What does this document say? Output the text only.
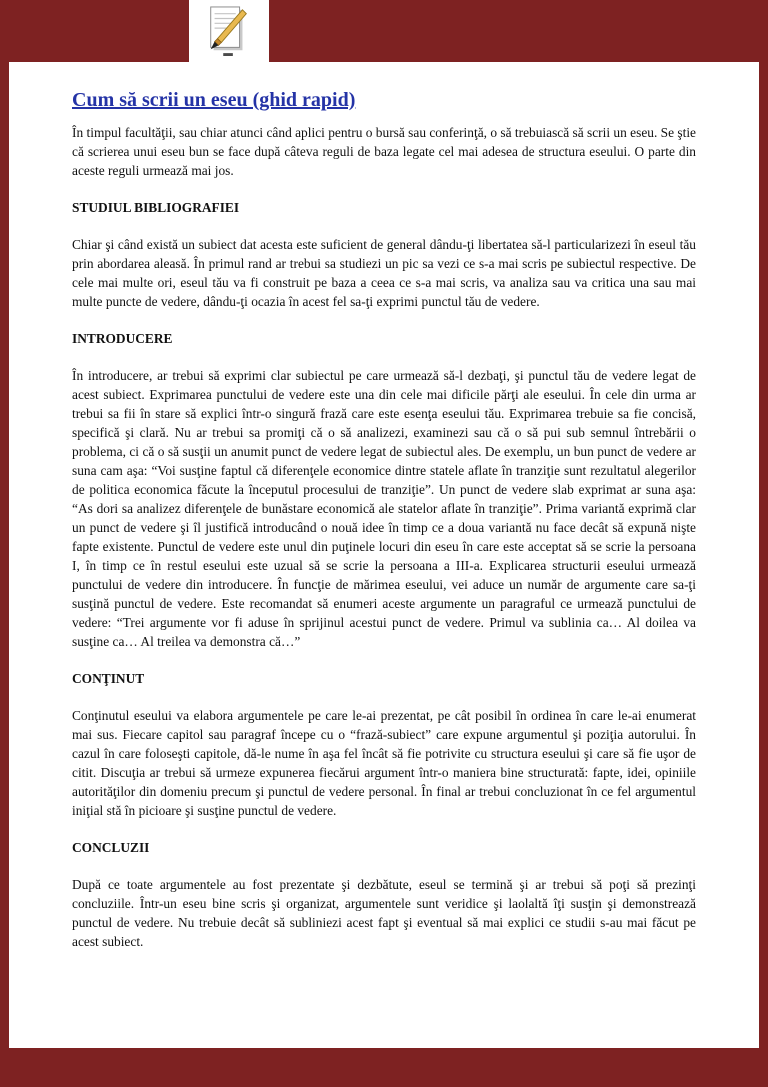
Cum să scrii un eseu (ghid rapid)

În timpul facultăţii, sau chiar atunci când aplici pentru o bursă sau conferinţă, o să trebuiască să scrii un eseu. Se ştie că scrierea unui eseu bun se face după câteva reguli de baza legate cel mai adesea de structura eseului. O parte din aceste reguli urmează mai jos.

STUDIUL BIBLIOGRAFIEI

Chiar şi când există un subiect dat acesta este suficient de general dându-ţi libertatea să-l particularizezi în eseul tău prin abordarea aleasă. În primul rand ar trebui sa studiezi un pic sa vezi ce s-a mai scris pe subiectul respective. De cele mai multe ori, eseul tău va fi construit pe baza a ceea ce s-a mai scris, va analiza sau va critica una sau mai multe puncte de vedere, dându-ţi ocazia în acest fel sa-ţi exprimi punctul tău de vedere.

INTRODUCERE

În introducere, ar trebui să exprimi clar subiectul pe care urmează să-l dezbaţi, şi punctul tău de vedere legat de acest subiect. Exprimarea punctului de vedere este una din cele mai dificile părţi ale eseului. În cele din urma ar trebui sa fii în stare să explici într-o singură frază care este esenţa eseului tău. Exprimarea trebuie sa fie concisă, specifică şi clară. Nu ar trebui sa promiţi că o să analizezi, examinezi sau că o să pui sub semnul întrebării o problema, ci că o să susţii un anumit punct de vedere legat de subiectul ales. De exemplu, un bun punct de vedere ar suna cam aşa: “Voi susţine faptul că diferenţele economice dintre statele aflate în tranziţie sunt rezultatul alegerilor de politica economica făcute la începutul procesului de tranziţie”. Un punct de vedere slab exprimat ar suna aşa: “As dori sa analizez diferenţele de bunăstare economică ale statelor aflate în tranziţie”. Prima variantă exprimă clar un punct de vedere şi îl justifică introducând o nouă idee în timp ce a doua variantă nu face decât să expună nişte fapte existente. Punctul de vedere este unul din puţinele locuri din eseu în care este acceptat să se scrie la persoana I, în timp ce în restul eseului este uzual să se scrie la persoana a III-a. Explicarea structurii eseului urmează punctului de vedere din introducere. În funcţie de mărimea eseului, vei aduce un număr de argumente care sa-ţi susţină punctul de vedere. Este recomandat să enumeri aceste argumente un paragraful ce urmează punctului de vedere: “Trei argumente vor fi aduse în sprijinul acestui punct de vedere. Primul va sublinia ca… Al doilea va susţine ca… Al treilea va demonstra că…”

CONŢINUT

Conţinutul eseului va elabora argumentele pe care le-ai prezentat, pe cât posibil în ordinea în care le-ai enumerat mai sus. Fiecare capitol sau paragraf începe cu o “frază-subiect” care expune argumentul şi poziţia autorului. În cazul în care foloseşti capitole, dă-le nume în aşa fel încât să fie potrivite cu structura eseului şi care să fie uşor de citit. Discuţia ar trebui să urmeze expunerea fiecărui argument într-o maniera bine structurată: fapte, idei, opiniile autorităţilor din domeniu precum şi punctul de vedere personal. În final ar trebui concluzionat în ce fel argumentul iniţial stă în picioare şi susţine punctul de vedere.

CONCLUZII

După ce toate argumentele au fost prezentate şi dezbătute, eseul se termină şi ar trebui să poţi să prezinţi concluziile. Într-un eseu bine scris şi organizat, argumentele sunt veridice şi laolaltă îţi susţin şi demonstrează punctul de vedere. Nu trebuie decât să subliniezi acest fapt şi eventual să mai explici ce studii s-au mai făcut pe acest subiect.
